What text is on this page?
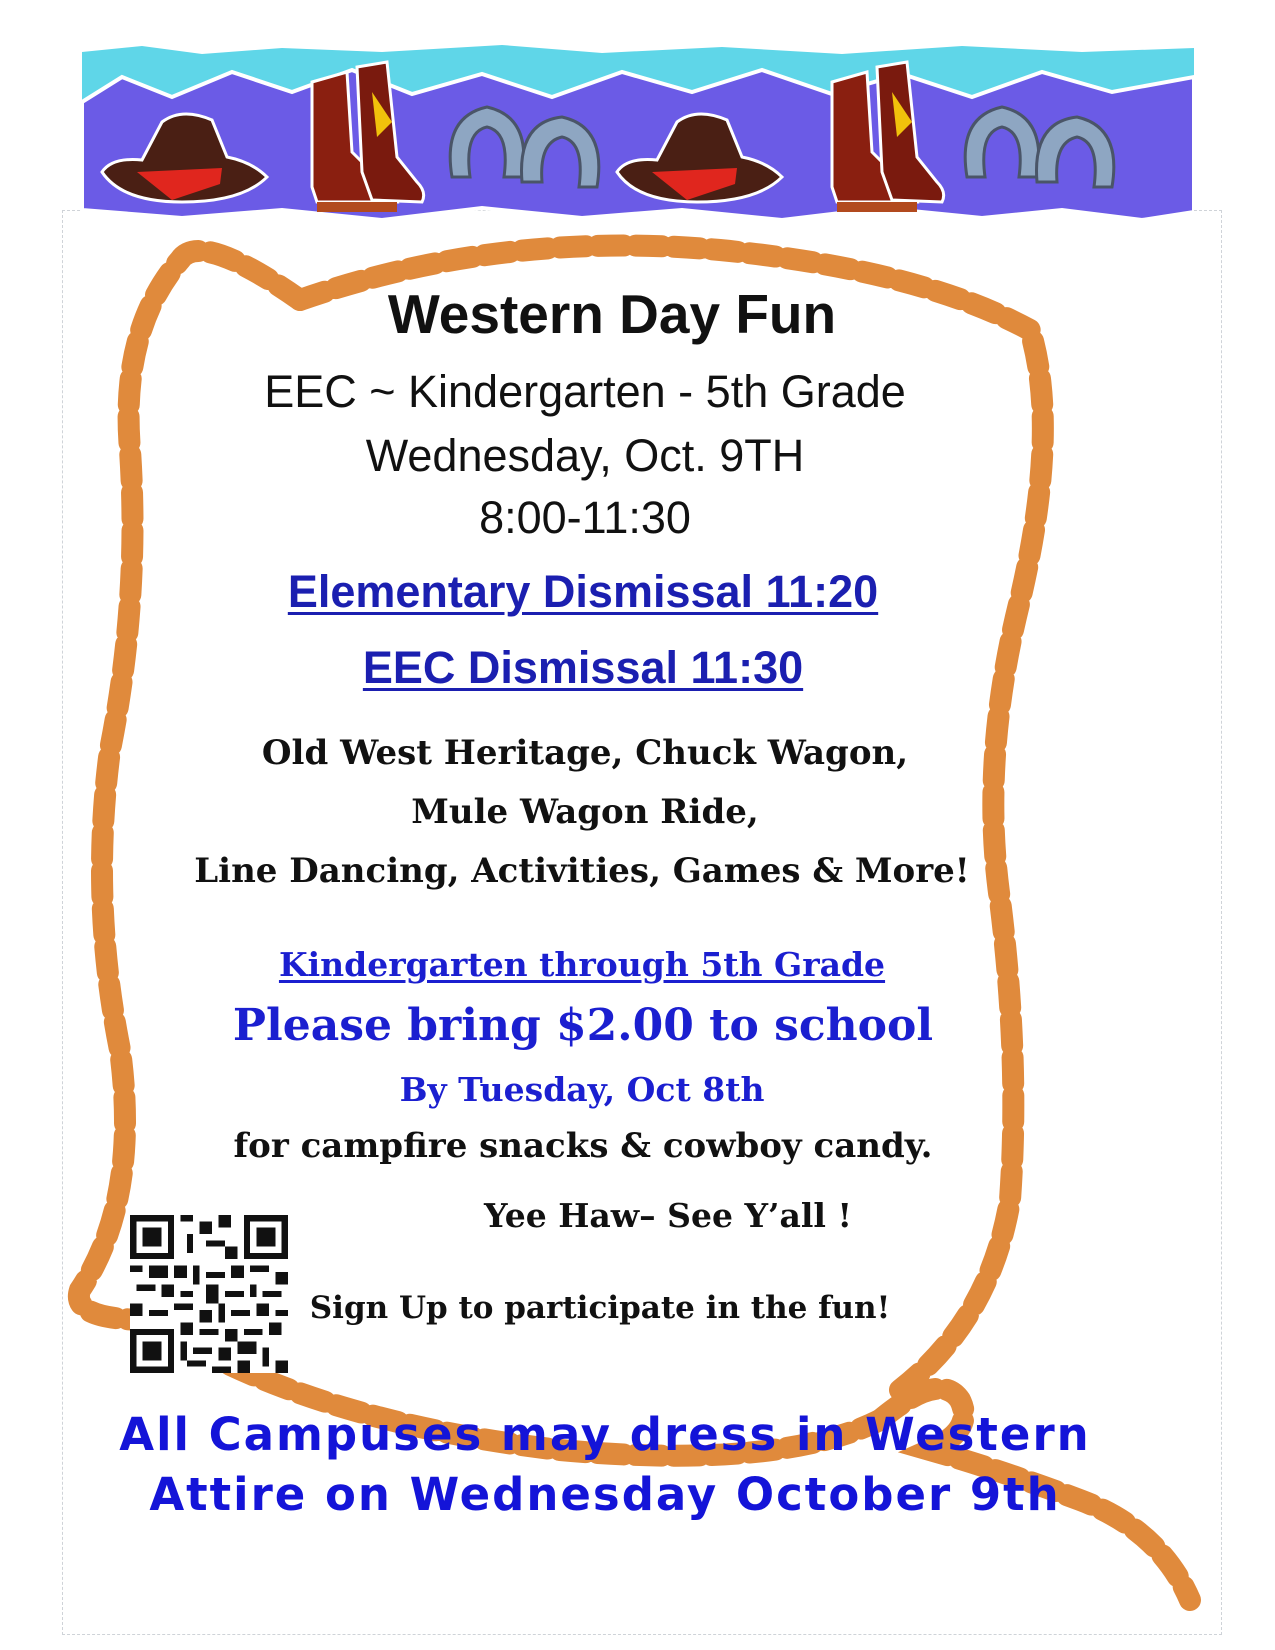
Western Day Fun
EEC ~ Kindergarten - 5th Grade
Wednesday, Oct. 9TH
8:00-11:30
Elementary Dismissal 11:20
EEC Dismissal 11:30
Old West Heritage, Chuck Wagon,
Mule Wagon Ride,
Line Dancing, Activities, Games & More!
Kindergarten through 5th Grade
Please bring $2.00 to school
By Tuesday, Oct 8th
for campfire snacks & cowboy candy.
Yee Haw– See Y’all !
Sign Up to participate in the fun!
All Campuses may dress in Western
Attire on Wednesday October 9th
